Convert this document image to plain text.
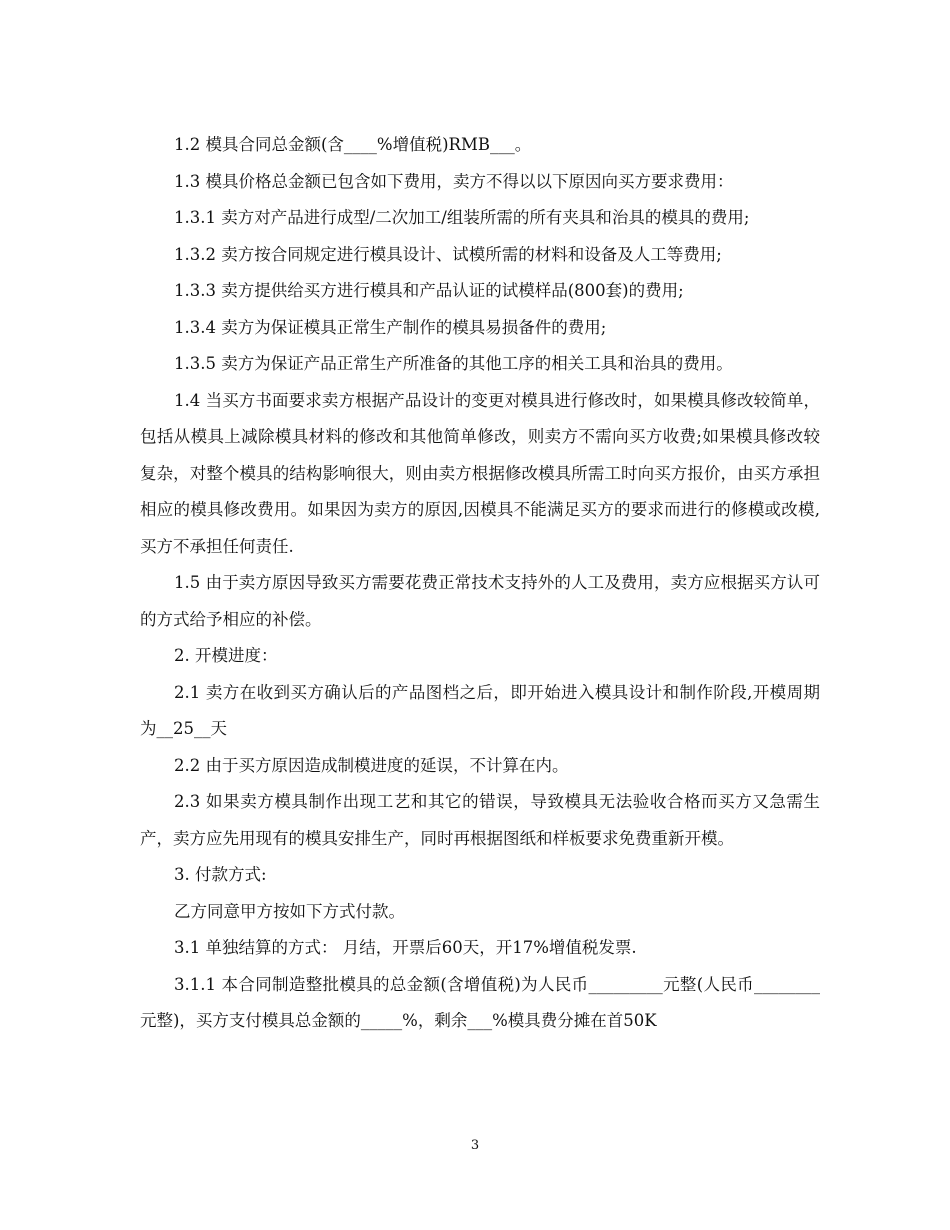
1.2 模具合同总金额(含____%增值税)RMB___。

1.3 模具价格总金额已包含如下费用，卖方不得以以下原因向买方要求费用：

1.3.1 卖方对产品进行成型/二次加工/组装所需的所有夹具和治具的模具的费用;

1.3.2 卖方按合同规定进行模具设计、试模所需的材料和设备及人工等费用;

1.3.3 卖方提供给买方进行模具和产品认证的试模样品(800套)的费用;

1.3.4 卖方为保证模具正常生产制作的模具易损备件的费用;

1.3.5 卖方为保证产品正常生产所准备的其他工序的相关工具和治具的费用。

1.4 当买方书面要求卖方根据产品设计的变更对模具进行修改时，如果模具修改较简单， 包括从模具上减除模具材料的修改和其他简单修改，则卖方不需向买方收费;如果模具修改较复杂，对整个模具的结构影响很大，则由卖方根据修改模具所需工时向买方报价，由买方承担相应的模具修改费用。如果因为卖方的原因,因模具不能满足买方的要求而进行的修模或改模,买方不承担任何责任.

1.5 由于卖方原因导致买方需要花费正常技术支持外的人工及费用，卖方应根据买方认可的方式给予相应的补偿。

2. 开模进度：

2.1 卖方在收到买方确认后的产品图档之后，即开始进入模具设计和制作阶段,开模周期为__25__天

2.2 由于买方原因造成制模进度的延误，不计算在内。

2.3 如果卖方模具制作出现工艺和其它的错误，导致模具无法验收合格而买方又急需生产，卖方应先用现有的模具安排生产，同时再根据图纸和样板要求免费重新开模。

3. 付款方式:

乙方同意甲方按如下方式付款。

3.1 单独结算的方式： 月结，开票后60天，开17%增值税发票.

3.1.1 本合同制造整批模具的总金额(含增值税)为人民币_________元整(人民币________元整)，买方支付模具总金额的_____%，剩余___%模具费分摊在首50K

3
